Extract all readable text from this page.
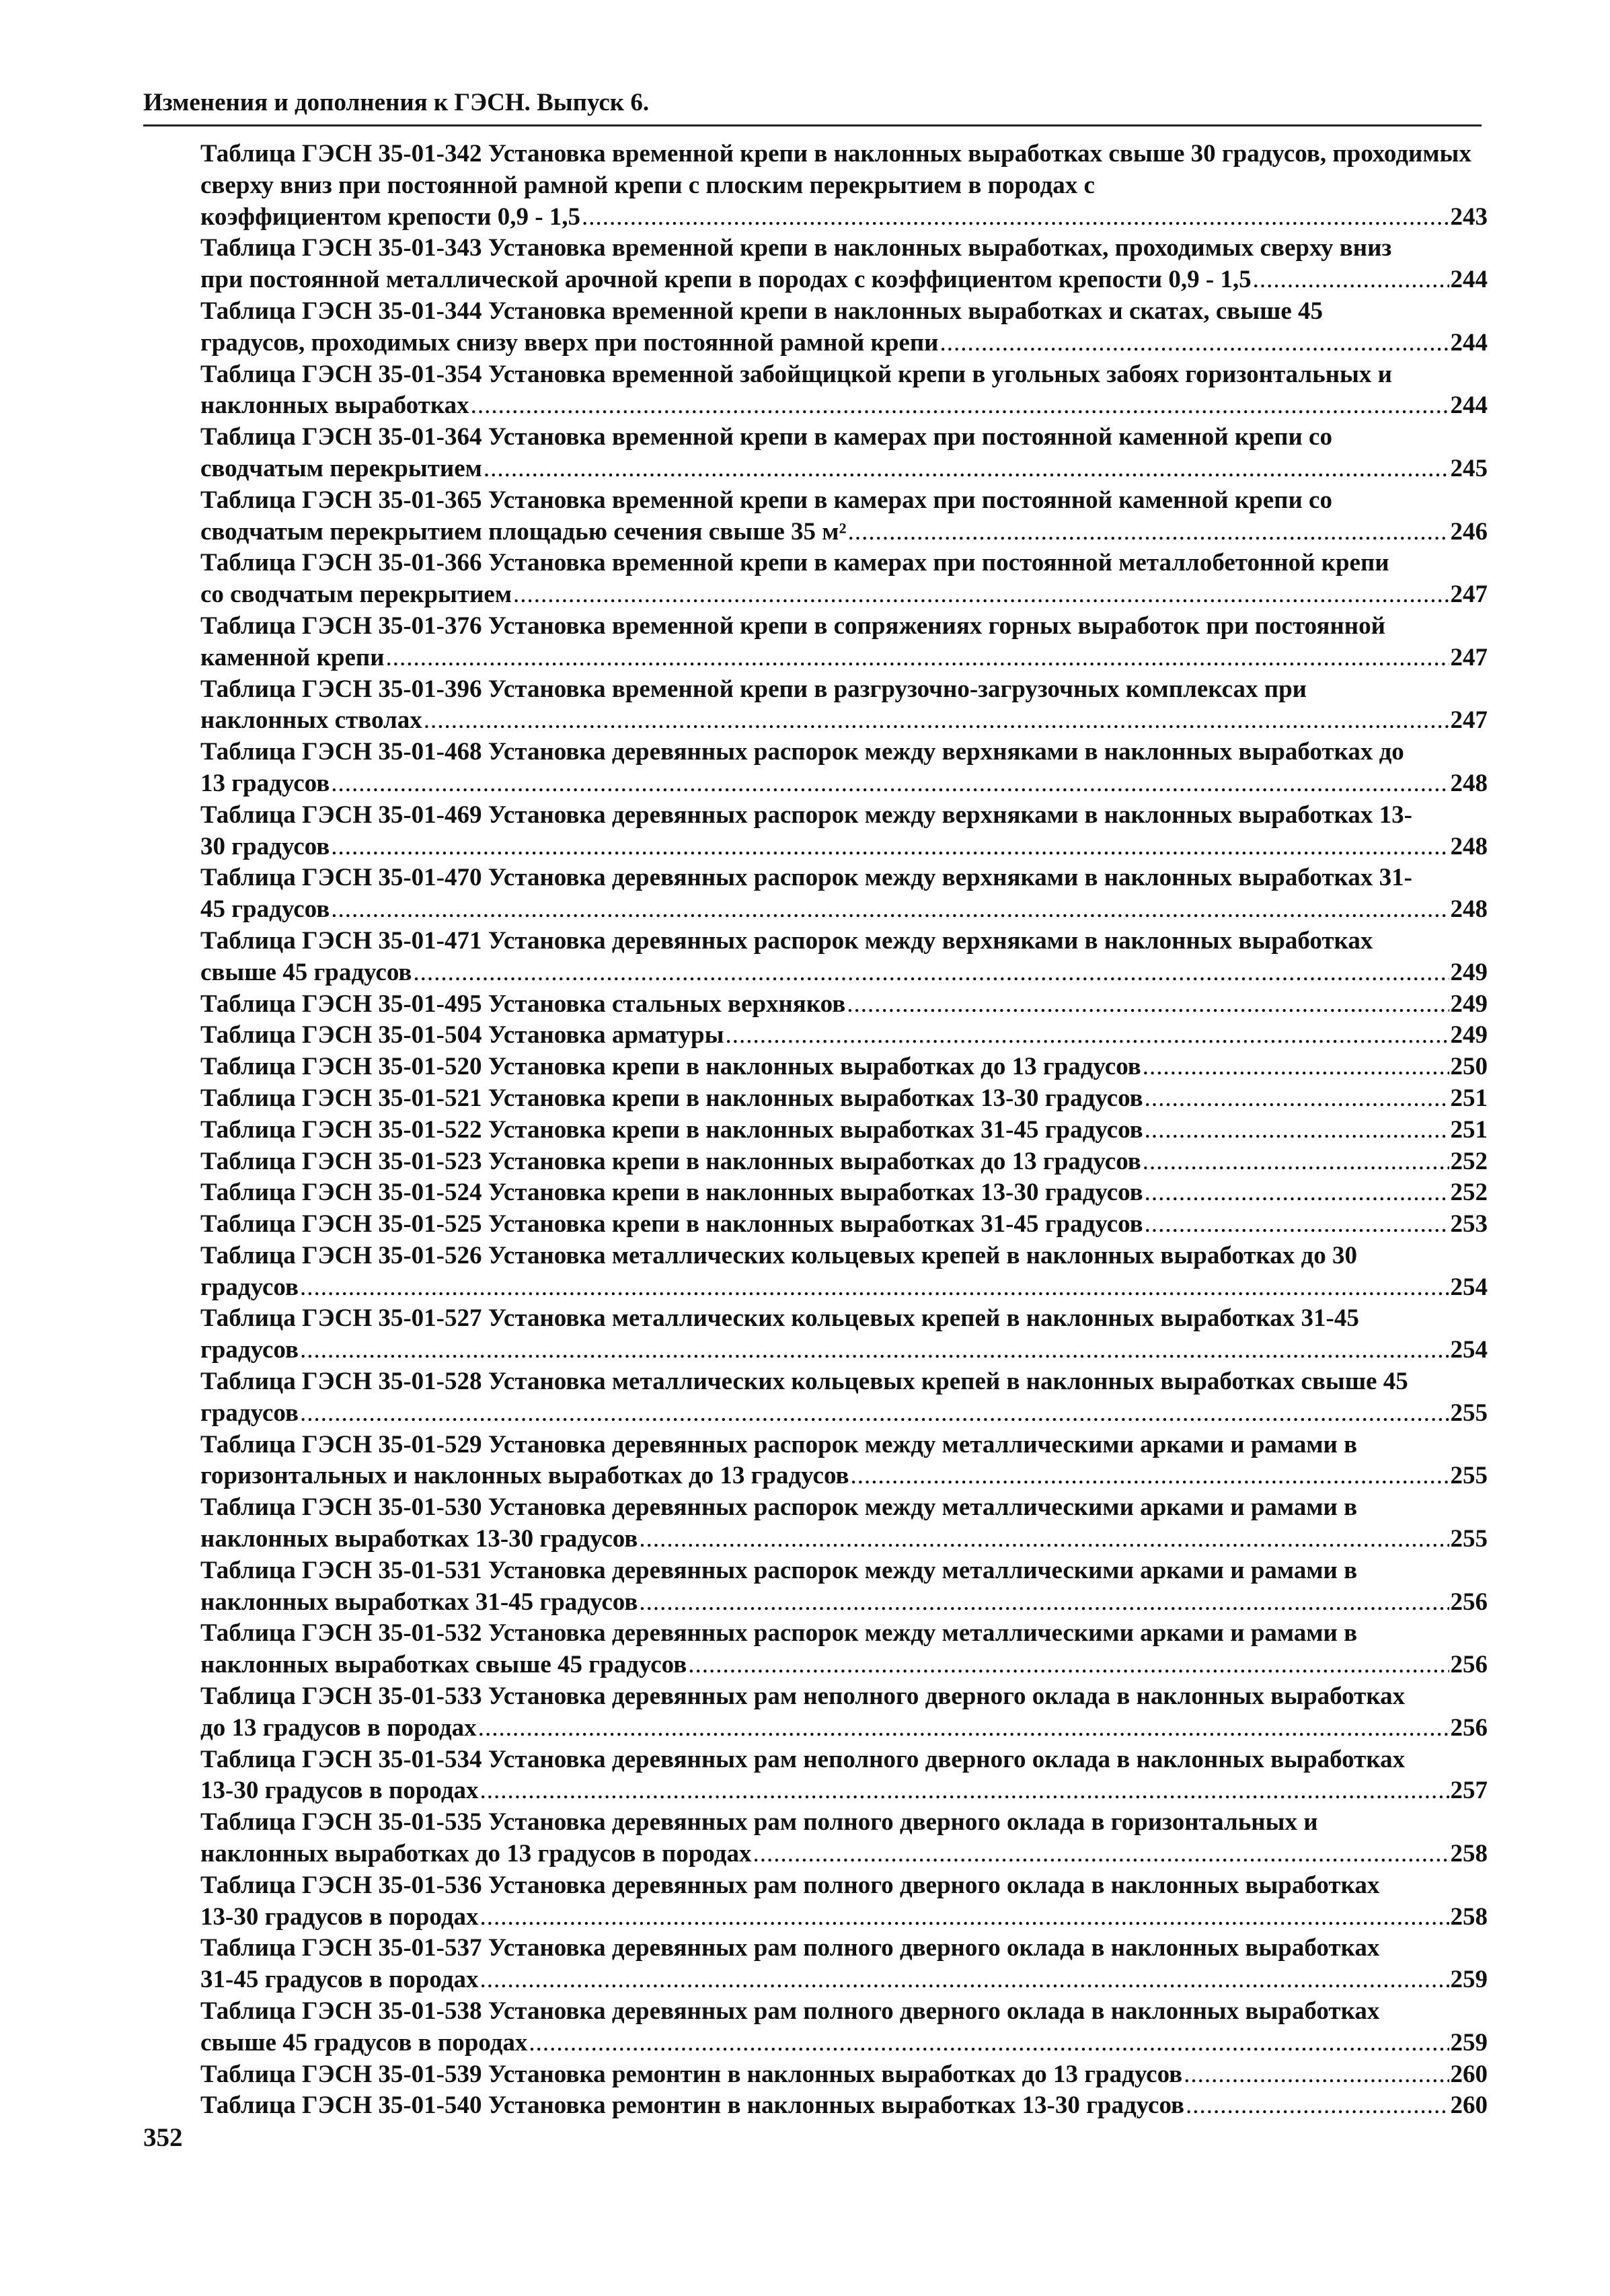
Изменения и дополнения к ГЭСН. Выпуск 6.
Таблица ГЭСН 35-01-342 Установка временной крепи в наклонных выработках свыше 30 градусов, проходимых сверху вниз при постоянной рамной крепи с плоским перекрытием в породах с
коэффициентом крепости 0,9 - 1,5 .....	243
Таблица ГЭСН 35-01-343 Установка временной крепи в наклонных выработках, проходимых сверху вниз
при постоянной металлической арочной крепи в породах с коэффициентом крепости 0,9 - 1,5 .....	244
Таблица ГЭСН 35-01-344 Установка временной крепи в наклонных выработках и скатах, свыше 45
градусов, проходимых снизу вверх при постоянной рамной крепи .....	244
Таблица ГЭСН 35-01-354 Установка временной забойщицкой крепи в угольных забоях горизонтальных и
наклонных выработках .....	244
Таблица ГЭСН 35-01-364 Установка временной крепи в камерах при постоянной каменной крепи со
сводчатым перекрытием .....	245
Таблица ГЭСН 35-01-365 Установка временной крепи в камерах при постоянной каменной крепи со
сводчатым перекрытием площадью сечения свыше 35 м² .....	246
Таблица ГЭСН 35-01-366 Установка временной крепи в камерах при постоянной металлобетонной крепи
со сводчатым перекрытием .....	247
Таблица ГЭСН 35-01-376 Установка временной крепи в сопряжениях горных выработок при постоянной
каменной крепи .....	247
Таблица ГЭСН 35-01-396 Установка временной крепи в разгрузочно-загрузочных комплексах при
наклонных стволах .....	247
Таблица ГЭСН 35-01-468 Установка деревянных распорок между верхняками в наклонных выработках до
13 градусов .....	248
Таблица ГЭСН 35-01-469 Установка деревянных распорок между верхняками в наклонных выработках 13-
30 градусов .....	248
Таблица ГЭСН 35-01-470 Установка деревянных распорок между верхняками в наклонных выработках 31-
45 градусов .....	248
Таблица ГЭСН 35-01-471 Установка деревянных распорок между верхняками в наклонных выработках
свыше 45 градусов .....	249
Таблица ГЭСН 35-01-495 Установка стальных верхняков .....	249
Таблица ГЭСН 35-01-504 Установка арматуры .....	249
Таблица ГЭСН 35-01-520 Установка крепи в наклонных выработках до 13 градусов .....	250
Таблица ГЭСН 35-01-521 Установка крепи в наклонных выработках 13-30 градусов .....	251
Таблица ГЭСН 35-01-522 Установка крепи в наклонных выработках 31-45 градусов .....	251
Таблица ГЭСН 35-01-523 Установка крепи в наклонных выработках до 13 градусов .....	252
Таблица ГЭСН 35-01-524 Установка крепи в наклонных выработках 13-30 градусов .....	252
Таблица ГЭСН 35-01-525 Установка крепи в наклонных выработках 31-45 градусов .....	253
Таблица ГЭСН 35-01-526 Установка металлических кольцевых крепей в наклонных выработках до 30
градусов .....	254
Таблица ГЭСН 35-01-527 Установка металлических кольцевых крепей в наклонных выработках 31-45
градусов .....	254
Таблица ГЭСН 35-01-528 Установка металлических кольцевых крепей в наклонных выработках свыше 45
градусов .....	255
Таблица ГЭСН 35-01-529 Установка деревянных распорок между металлическими арками и рамами в
горизонтальных и наклонных выработках до 13 градусов .....	255
Таблица ГЭСН 35-01-530 Установка деревянных распорок между металлическими арками и рамами в
наклонных выработках 13-30 градусов .....	255
Таблица ГЭСН 35-01-531 Установка деревянных распорок между металлическими арками и рамами в
наклонных выработках 31-45 градусов .....	256
Таблица ГЭСН 35-01-532 Установка деревянных распорок между металлическими арками и рамами в
наклонных выработках свыше 45 градусов .....	256
Таблица ГЭСН 35-01-533 Установка деревянных рам неполного дверного оклада в наклонных выработках
до 13 градусов в породах .....	256
Таблица ГЭСН 35-01-534 Установка деревянных рам неполного дверного оклада в наклонных выработках
13-30 градусов в породах .....	257
Таблица ГЭСН 35-01-535 Установка деревянных рам полного дверного оклада в горизонтальных и
наклонных выработках до 13 градусов в породах .....	258
Таблица ГЭСН 35-01-536 Установка деревянных рам полного дверного оклада в наклонных выработках
13-30 градусов в породах .....	258
Таблица ГЭСН 35-01-537 Установка деревянных рам полного дверного оклада в наклонных выработках
31-45 градусов в породах .....	259
Таблица ГЭСН 35-01-538 Установка деревянных рам полного дверного оклада в наклонных выработках
свыше 45 градусов в породах .....	259
Таблица ГЭСН 35-01-539 Установка ремонтин в наклонных выработках до 13 градусов .....	260
Таблица ГЭСН 35-01-540 Установка ремонтин в наклонных выработках 13-30 градусов .....	260
352
